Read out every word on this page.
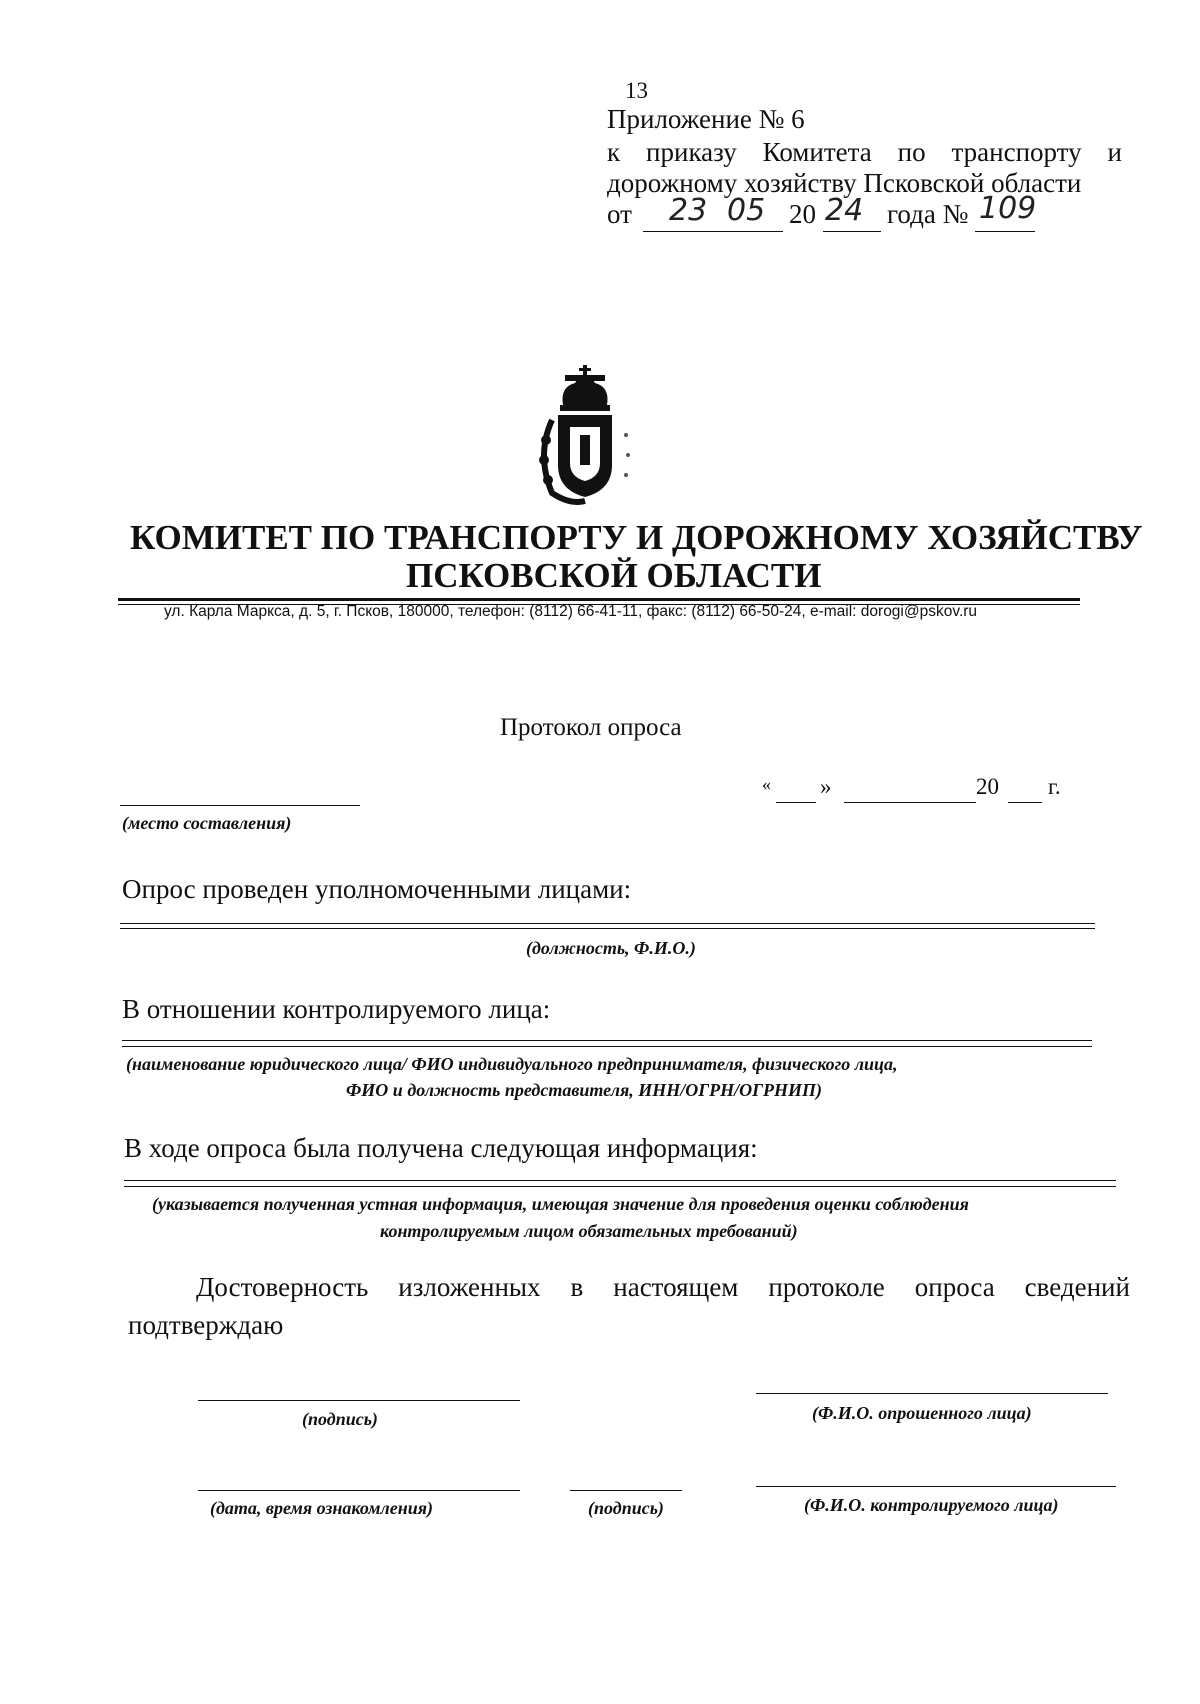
13
Приложение № 6
к приказу Комитета по транспорту и
дорожному хозяйству Псковской области
от 23 05 20 24 года № 109
КОМИТЕТ ПО ТРАНСПОРТУ И ДОРОЖНОМУ ХОЗЯЙСТВУ
ПСКОВСКОЙ ОБЛАСТИ
ул. Карла Маркса, д. 5, г. Псков, 180000, телефон: (8112) 66-41-11, факс: (8112) 66-50-24, e-mail: dorogi@pskov.ru
Протокол опроса
« »	20 г.
(место составления)
Опрос проведен уполномоченными лицами:
(должность, Ф.И.О.)
В отношении контролируемого лица:
(наименование юридического лица/ ФИО индивидуального предпринимателя, физического лица,
ФИО и должность представителя, ИНН/ОГРН/ОГРНИП)
В ходе опроса была получена следующая информация:
(указывается полученная устная информация, имеющая значение для проведения оценки соблюдения
контролируемым лицом обязательных требований)
Достоверность изложенных в настоящем протоколе опроса сведений
подтверждаю
(подпись)	(Ф.И.О. опрошенного лица)
(дата, время ознакомления)	(подпись)	(Ф.И.О. контролируемого лица)
